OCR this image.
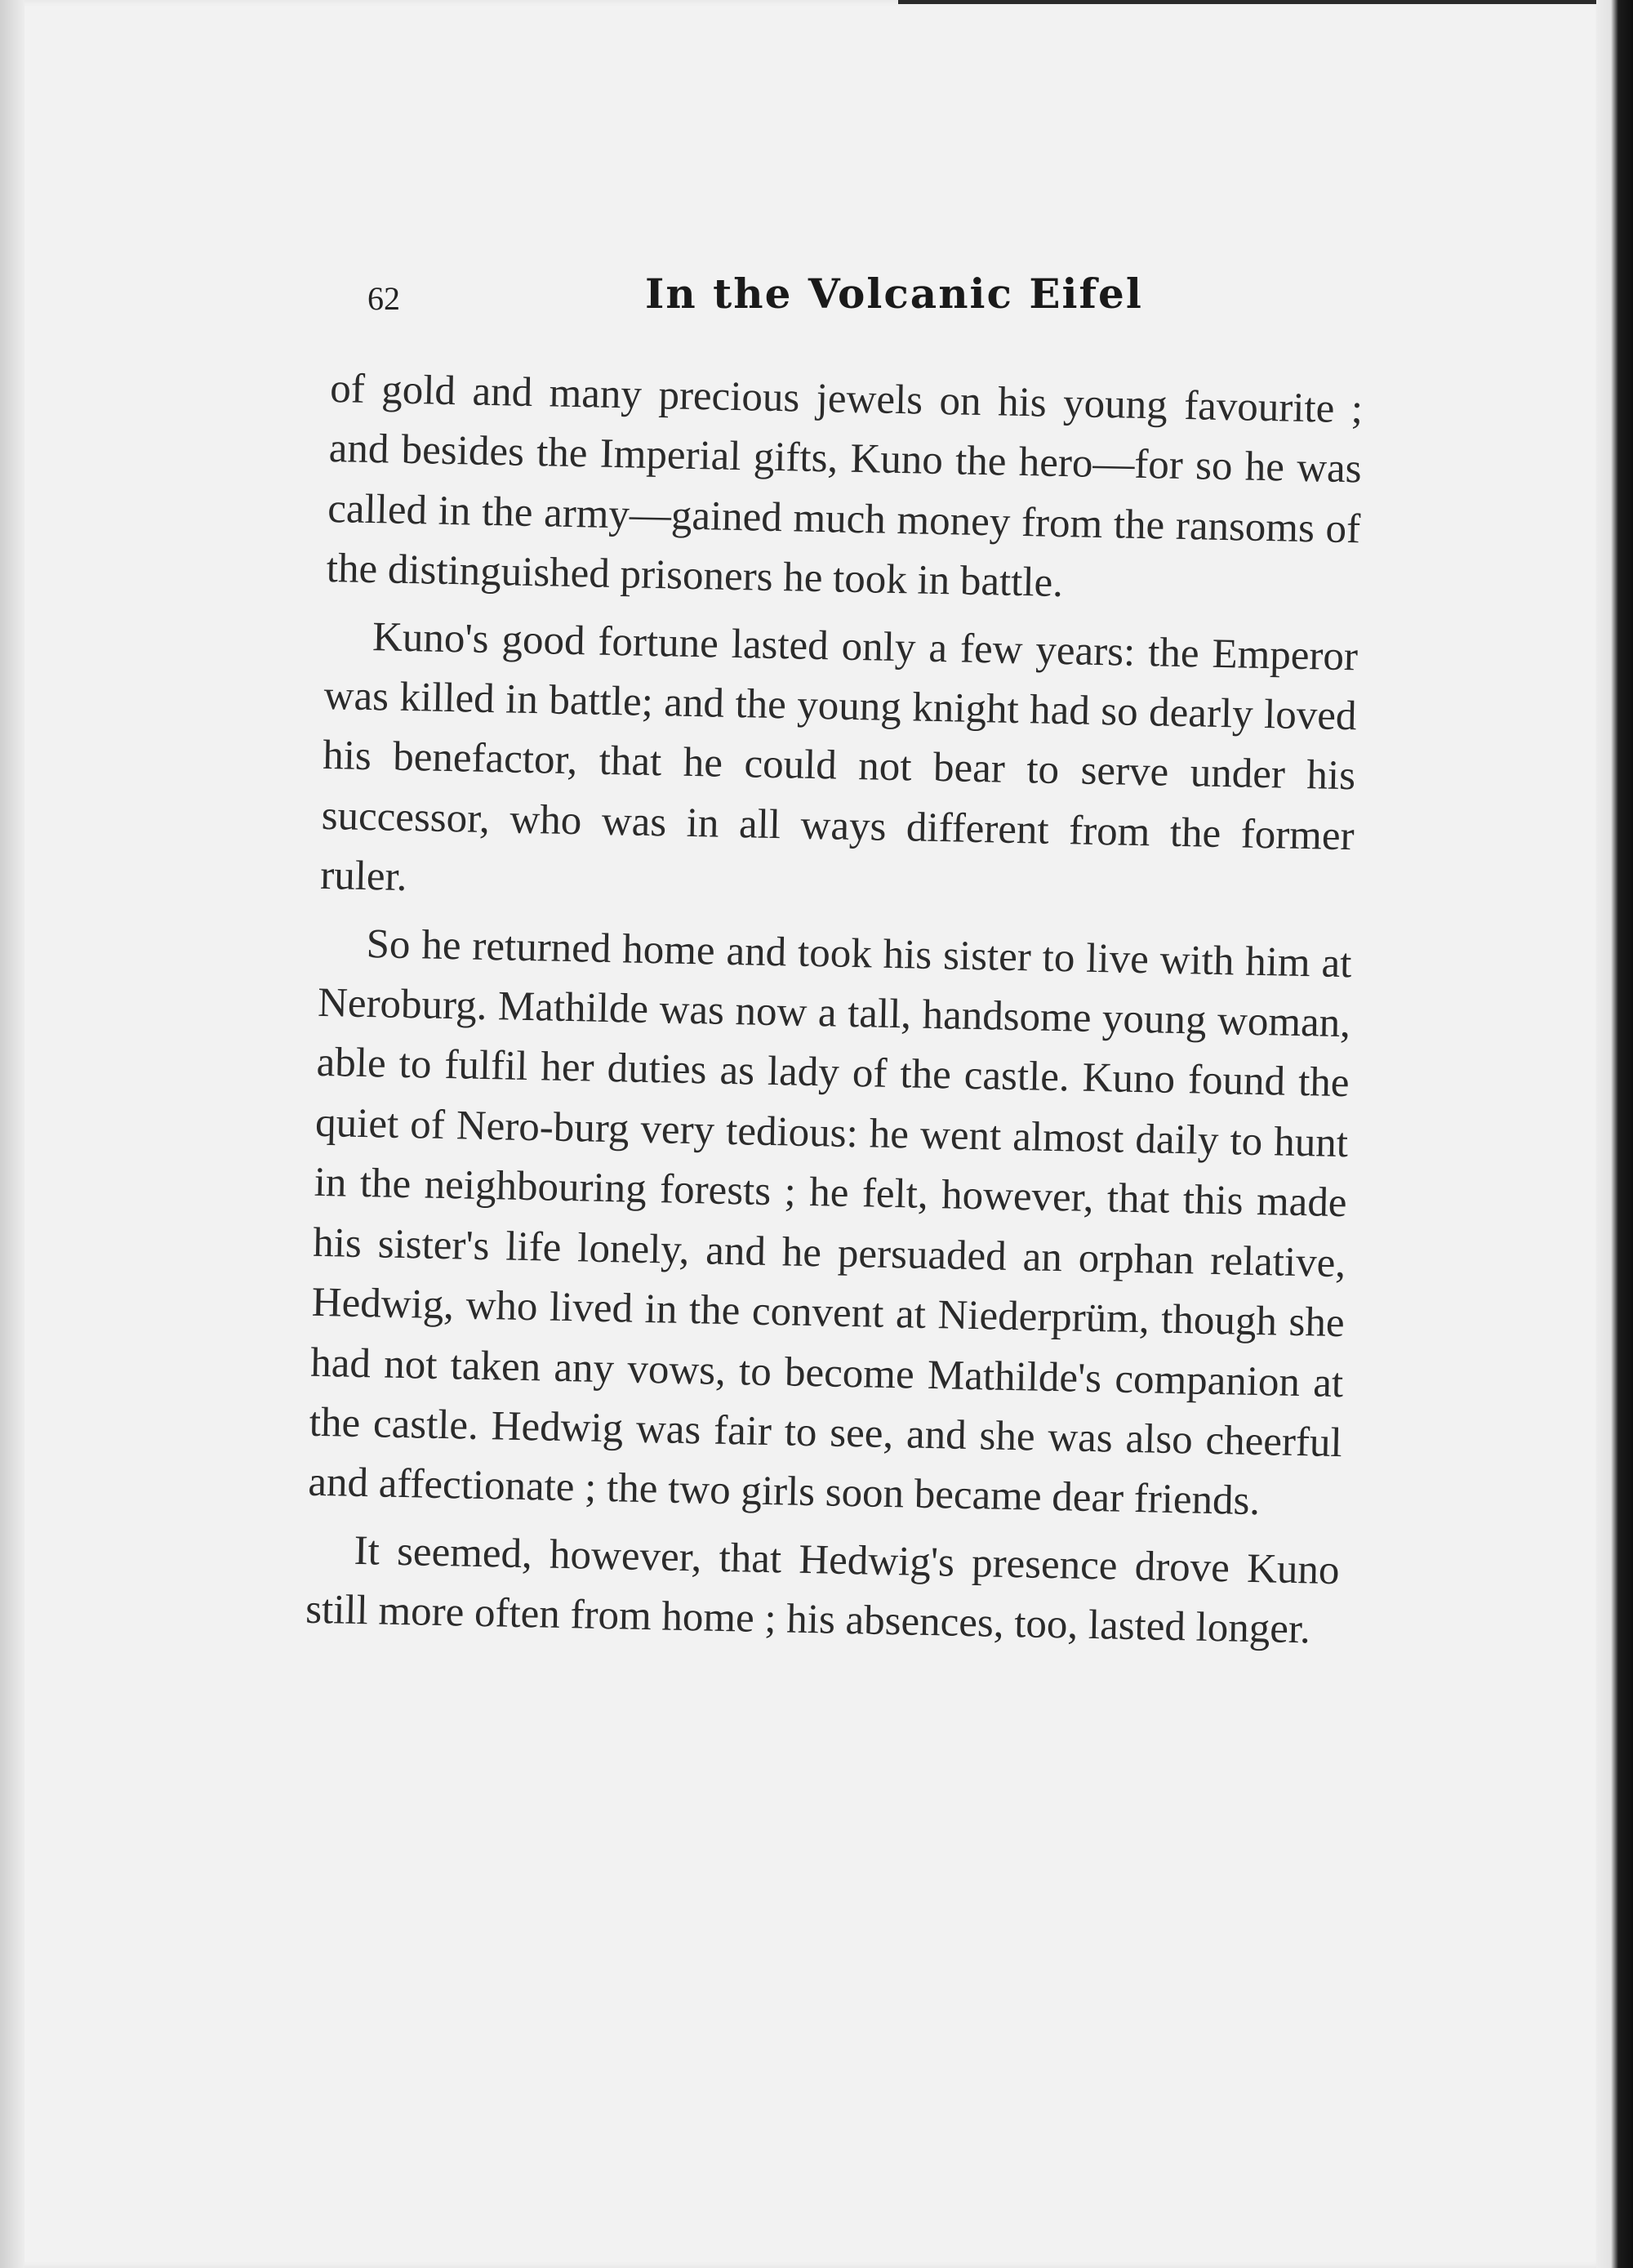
62	In the Volcanic Eifel

of gold and many precious jewels on his young favourite ; and besides the Imperial gifts, Kuno the hero—for so he was called in the army—gained much money from the ransoms of the distinguished prisoners he took in battle.

Kuno's good fortune lasted only a few years: the Emperor was killed in battle; and the young knight had so dearly loved his benefactor, that he could not bear to serve under his successor, who was in all ways different from the former ruler.

So he returned home and took his sister to live with him at Neroburg. Mathilde was now a tall, handsome young woman, able to fulfil her duties as lady of the castle. Kuno found the quiet of Nero-burg very tedious: he went almost daily to hunt in the neighbouring forests ; he felt, however, that this made his sister's life lonely, and he persuaded an orphan relative, Hedwig, who lived in the convent at Niederprüm, though she had not taken any vows, to become Mathilde's companion at the castle. Hedwig was fair to see, and she was also cheerful and affectionate ; the two girls soon became dear friends.

It seemed, however, that Hedwig's presence drove Kuno still more often from home ; his absences, too, lasted longer.
